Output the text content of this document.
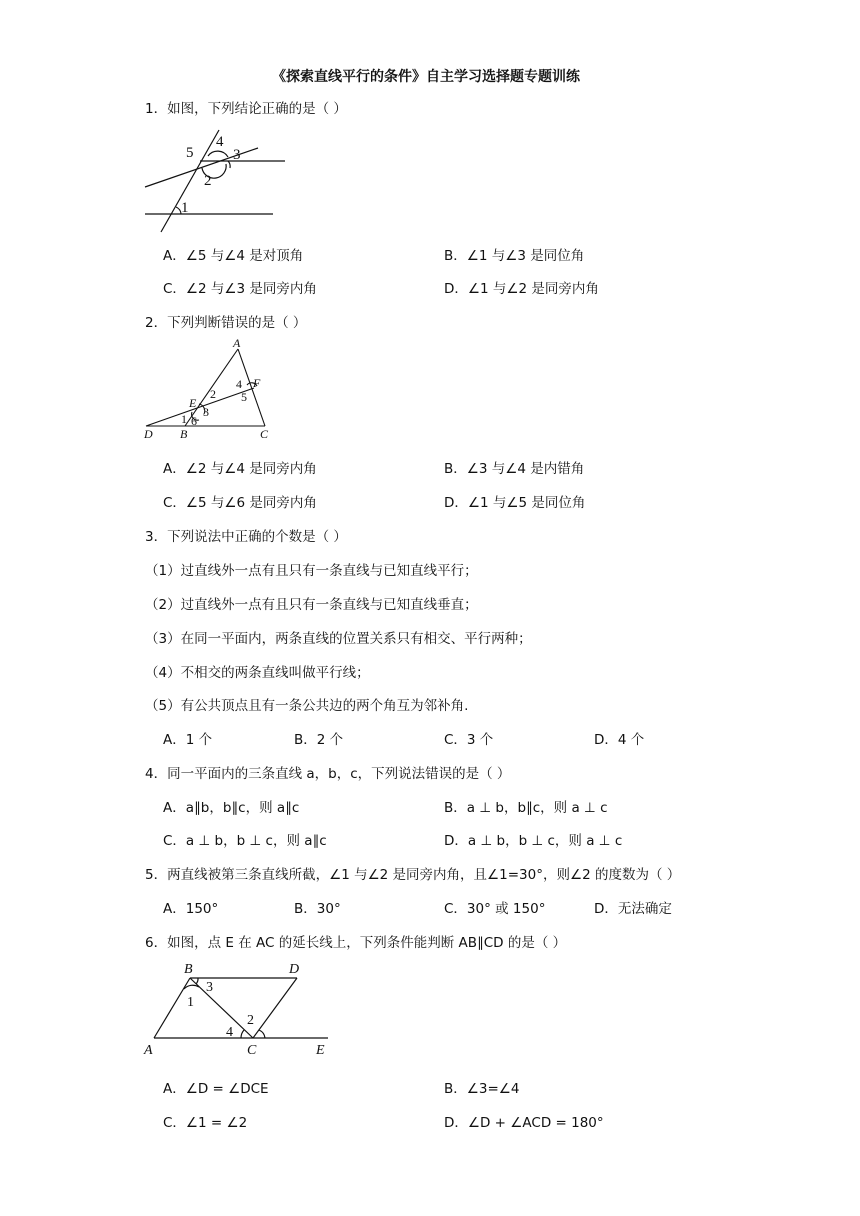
《探索直线平行的条件》自主学习选择题专题训练
1．如图，下列结论正确的是（ ）
5
4
3
2
1
A．∠5 与∠4 是对顶角	B．∠1 与∠3 是同位角
C．∠2 与∠3 是同旁内角	D．∠1 与∠2 是同旁内角
2．下列判断错误的是（ ）
A
F
4
5
E
2
3
1 6
D B	C
A．∠2 与∠4 是同旁内角	B．∠3 与∠4 是内错角
C．∠5 与∠6 是同旁内角	D．∠1 与∠5 是同位角
3．下列说法中正确的个数是（ ）
（1）过直线外一点有且只有一条直线与已知直线平行；
（2）过直线外一点有且只有一条直线与已知直线垂直；
（3）在同一平面内，两条直线的位置关系只有相交、平行两种；
（4）不相交的两条直线叫做平行线；
（5）有公共顶点且有一条公共边的两个角互为邻补角.
A．1 个	B．2 个	C．3 个	D．4 个
4．同一平面内的三条直线 a，b，c，下列说法错误的是（ ）
A．a∥b，b∥c，则 a∥c	B．a ⊥ b，b∥c，则 a ⊥ c
C．a ⊥ b，b ⊥ c，则 a∥c	D．a ⊥ b，b ⊥ c，则 a ⊥ c
5．两直线被第三条直线所截，∠1 与∠2 是同旁内角，且∠1=30°，则∠2 的度数为（ ）
A．150°	B．30°	C．30° 或 150°	D．无法确定
6．如图，点 E 在 AC 的延长线上，下列条件能判断 AB∥CD 的是（ ）
B	D
3
1
2
4
A	C	E
A．∠D = ∠DCE	B．∠3=∠4
C．∠1 = ∠2	D．∠D + ∠ACD = 180°
